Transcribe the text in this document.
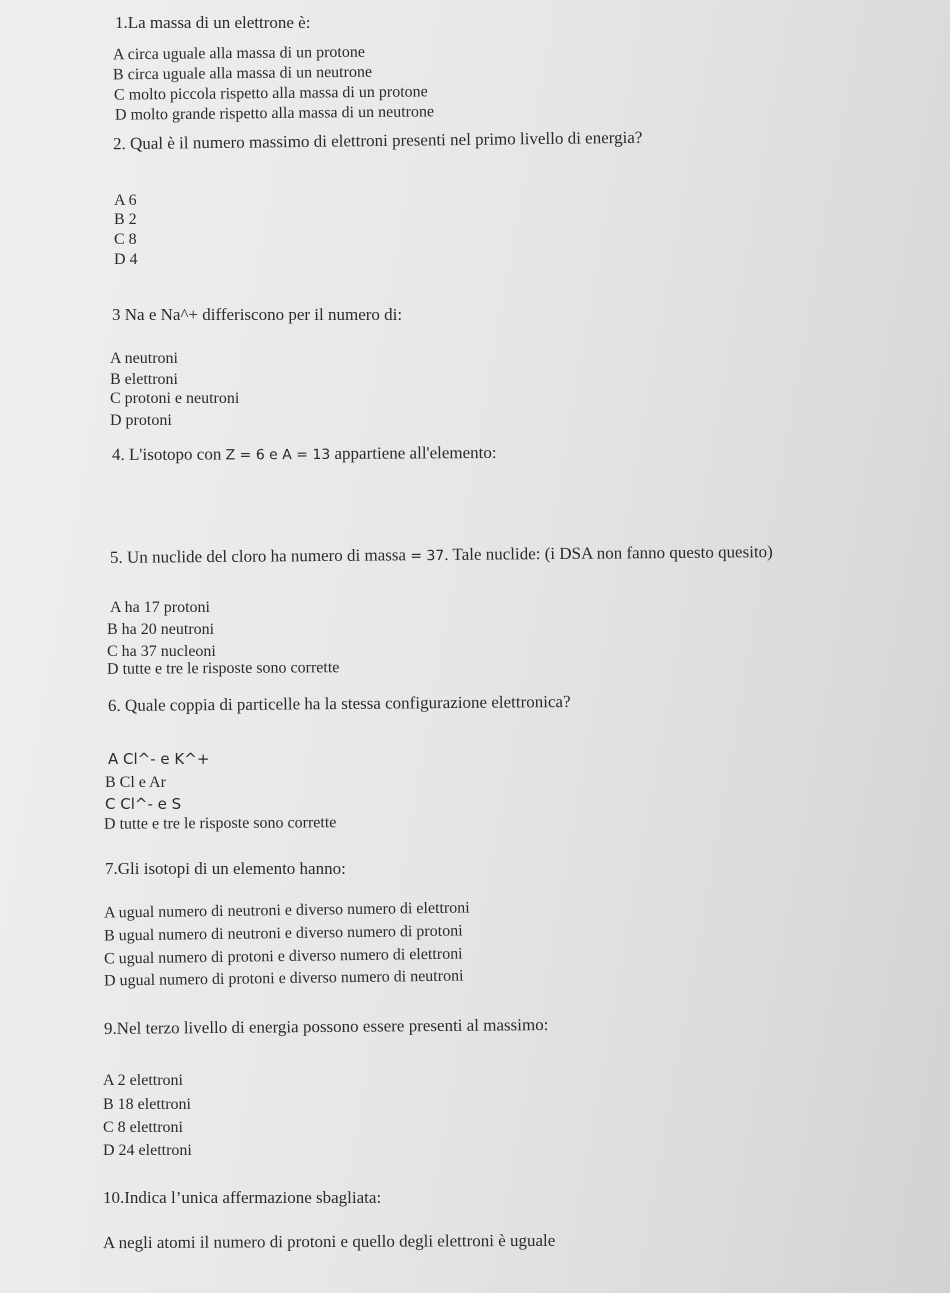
1.La massa di un elettrone è:
A circa uguale alla massa di un protone
B circa uguale alla massa di un neutrone
C molto piccola rispetto alla massa di un protone
D molto grande rispetto alla massa di un neutrone
2. Qual è il numero massimo di elettroni presenti nel primo livello di energia?
A 6
B 2
C 8
D 4
3 Na e Na^+ differiscono per il numero di:
A neutroni
B elettroni
C protoni e neutroni
D protoni
4. L'isotopo con Z = 6 e A = 13 appartiene all'elemento:
5. Un nuclide del cloro ha numero di massa = 37. Tale nuclide: (i DSA non fanno questo quesito)
A ha 17 protoni
B ha 20 neutroni
C ha 37 nucleoni
D tutte e tre le risposte sono corrette
6. Quale coppia di particelle ha la stessa configurazione elettronica?
A Cl^- e K^+
B Cl e Ar
C Cl^- e S
D tutte e tre le risposte sono corrette
7.Gli isotopi di un elemento hanno:
A ugual numero di neutroni e diverso numero di elettroni
B ugual numero di neutroni e diverso numero di protoni
C ugual numero di protoni e diverso numero di elettroni
D ugual numero di protoni e diverso numero di neutroni
9.Nel terzo livello di energia possono essere presenti al massimo:
A 2 elettroni
B 18 elettroni
C 8 elettroni
D 24 elettroni
10.Indica l’unica affermazione sbagliata:
A negli atomi il numero di protoni e quello degli elettroni è uguale
